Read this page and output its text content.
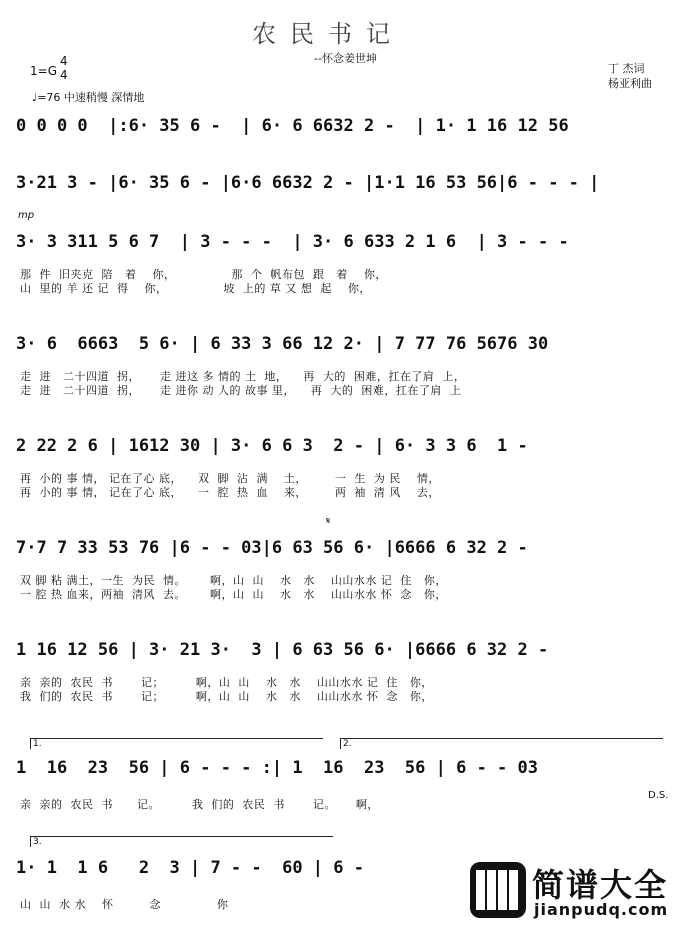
农民书记
--怀念姜世坤
1=G
4
4
♩=76 中速稍慢 深情地
丁 杰词
杨亚利曲
0 0 0 0  |:6· 35 6 -  | 6· 6 6632 2 -  | 1· 1 16 12 56
3·21 3 - |6· 35 6 - |6·6 6632 2 - |1·1 16 53 56|6 - - - |
mp
3· 3 311 5 6 7  | 3 - - -  | 3· 6 633 2 1 6  | 3 - - -
那  件  旧夹克  陪   着    你，              那  个  帆布包  跟   着    你，
山  里的 羊 还 记  得    你，              坡  上的 草 又 想  起    你，
3· 6  6663  5 6· | 6 33 3 66 12 2· | 7 77 76 5676 30
走  进   二十四道  拐，     走 进这 多 情的 土  地，    再  大的  困难，扛在了肩  上，
走  进   二十四道  拐，     走 进你 动 人的 故事 里，    再  大的  困难，扛在了肩  上
2 22 2 6 | 1612 30 | 3· 6 6 3  2 - | 6· 3 3 6  1 -
再  小的 事 情， 记在了心 底，    双  脚  沾  满    土，       一  生  为 民    情，
再  小的 事 情， 记在了心 底，    一  腔  热  血    来，       两  袖  清 风    去，
𝄋
7·7 7 33 53 76 |6 - - 03|6 63 56 6· |6666 6 32 2 -
双 脚 粘 满土，一生  为民  情。      啊，山  山    水   水    山山水水 记  住   你，
一 腔 热 血来，两袖  清风  去。      啊，山  山    水   水    山山水水 怀  念   你，
1 16 12 56 | 3· 21 3·  3 | 6 63 56 6· |6666 6 32 2 -
亲  亲的  农民  书       记；        啊，山  山    水   水    山山水水 记  住   你，
我  们的  农民  书       记；        啊，山  山    水   水    山山水水 怀  念   你，
1.	2.
1  16  23  56 | 6 - - - :| 1  16  23  56 | 6 - - 03
亲  亲的  农民  书      记。        我  们的  农民  书       记。     啊，
D.S.
3.
1· 1  1 6   2  3 | 7 - -  60 | 6 -
山  山  水 水    怀         念              你
简谱大全
jianpudq.com
